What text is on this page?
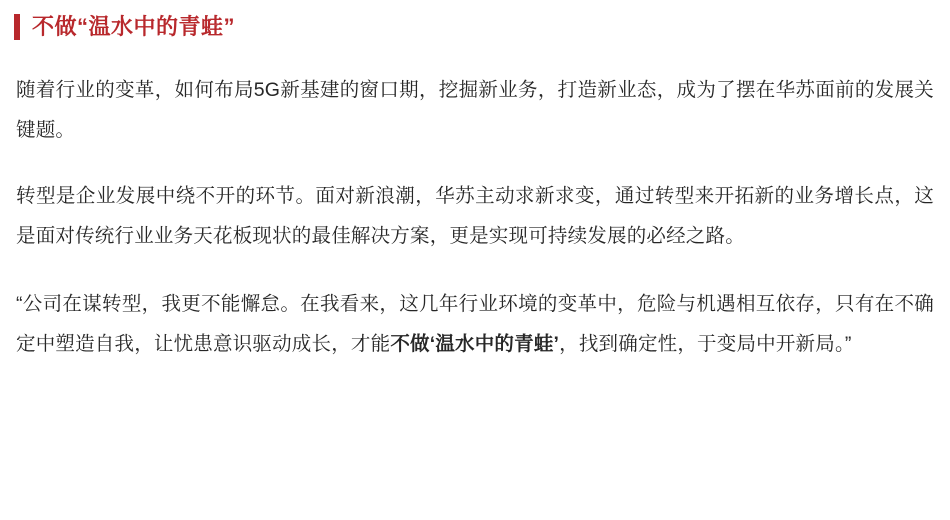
不做“温水中的青蛙”

随着行业的变革，如何布局5G新基建的窗口期，挖掘新业务，打造新业态，成为了摆在华苏面前的发展关键题。

转型是企业发展中绕不开的环节。面对新浪潮，华苏主动求新求变，通过转型来开拓新的业务增长点，这是面对传统行业业务天花板现状的最佳解决方案，更是实现可持续发展的必经之路。

“公司在谋转型，我更不能懈怠。在我看来，这几年行业环境的变革中，危险与机遇相互依存，只有在不确定中塑造自我，让忧患意识驱动成长，才能不做‘温水中的青蛙’，找到确定性，于变局中开新局。”
